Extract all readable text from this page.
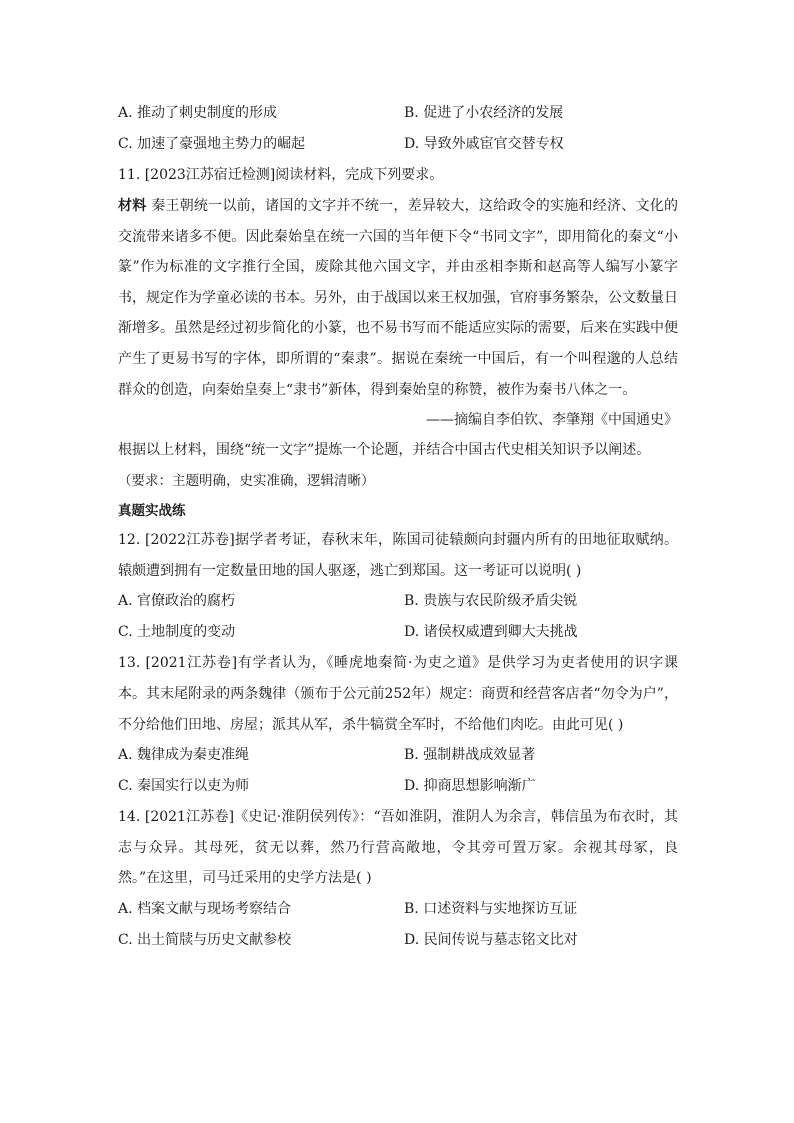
A. 推动了刺史制度的形成	B. 促进了小农经济的发展
C. 加速了豪强地主势力的崛起	D. 导致外戚宦官交替专权
11. [2023江苏宿迁检测]阅读材料，完成下列要求。

材料 秦王朝统一以前，诸国的文字并不统一，差异较大，这给政令的实施和经济、文化的交流带来诸多不便。因此秦始皇在统一六国的当年便下令“书同文字”，即用简化的秦文“小篆”作为标准的文字推行全国，废除其他六国文字，并由丞相李斯和赵高等人编写小篆字书，规定作为学童必读的书本。另外，由于战国以来王权加强，官府事务繁杂，公文数量日渐增多。虽然是经过初步简化的小篆，也不易书写而不能适应实际的需要，后来在实践中便产生了更易书写的字体，即所谓的“秦隶”。据说在秦统一中国后，有一个叫程邈的人总结群众的创造，向秦始皇奏上“隶书”新体，得到秦始皇的称赞，被作为秦书八体之一。

——摘编自李伯钦、李肇翔《中国通史》
根据以上材料，围绕“统一文字”提炼一个论题，并结合中国古代史相关知识予以阐述。
（要求：主题明确，史实准确，逻辑清晰）
真题实战练
12. [2022江苏卷]据学者考证，春秋末年，陈国司徒辕颇向封疆内所有的田地征取赋纳。辕颇遭到拥有一定数量田地的国人驱逐，逃亡到郑国。这一考证可以说明( )
A. 官僚政治的腐朽	B. 贵族与农民阶级矛盾尖锐
C. 土地制度的变动	D. 诸侯权威遭到卿大夫挑战
13. [2021江苏卷]有学者认为，《睡虎地秦简·为吏之道》是供学习为吏者使用的识字课本。其末尾附录的两条魏律（颁布于公元前252年）规定：商贾和经营客店者“勿令为户”，不分给他们田地、房屋；派其从军，杀牛犒赏全军时，不给他们肉吃。由此可见( )
A. 魏律成为秦吏准绳	B. 强制耕战成效显著
C. 秦国实行以吏为师	D. 抑商思想影响渐广
14. [2021江苏卷]《史记·淮阴侯列传》：“吾如淮阴，淮阴人为余言，韩信虽为布衣时，其志与众异。其母死，贫无以葬，然乃行营高敞地，令其旁可置万家。余视其母冢，良然。”在这里，司马迁采用的史学方法是( )
A. 档案文献与现场考察结合	B. 口述资料与实地探访互证
C. 出土简牍与历史文献参校	D. 民间传说与墓志铭文比对
